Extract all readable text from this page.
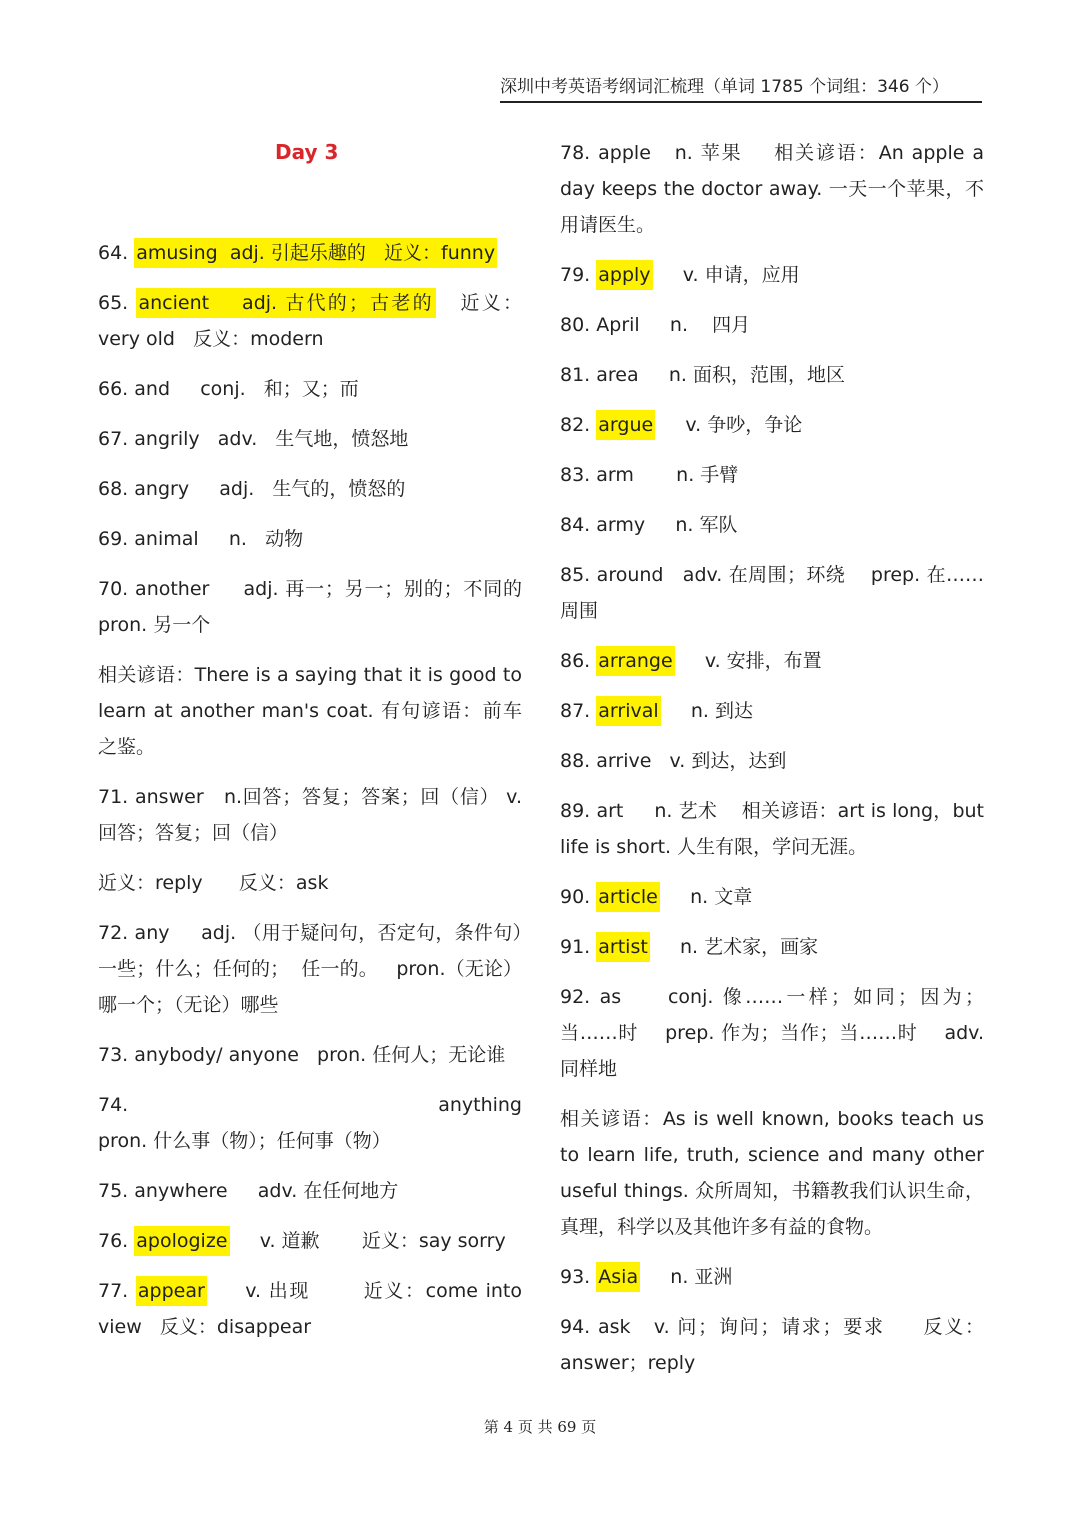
深圳中考英语考纲词汇梳理（单词 1785 个词组：346 个）
Day 3
64. amusing  adj. 引起乐趣的   近义：funny
65. ancient    adj. 古代的；古老的   近义：very old   反义：modern
66. and     conj.   和；又；而
67. angrily   adv.   生气地，愤怒地
68. angry     adj.   生气的，愤怒的
69. animal     n.   动物
70. another     adj. 再一；另一；别的；不同的   pron. 另一个
相关谚语：There is a saying that it is good to learn at another man's coat. 有句谚语：前车之鉴。
71. answer   n.回答；答复；答案；回（信） v. 回答；答复；回（信）
近义：reply      反义：ask
72. any     adj. （用于疑问句，否定句，条件句）一些；什么；任何的；  任一的。   pron.（无论）哪一个；（无论）哪些
73. anybody/ anyone   pron. 任何人；无论谁
74.	anything   pron. 什么事（物）；任何事（物）
75. anywhere     adv. 在任何地方
76. apologize     v. 道歉       近义：say sorry
77. appear     v. 出现       近义：come into view   反义：disappear
78. apple   n. 苹果    相关谚语：An apple a day keeps the doctor away. 一天一个苹果，不用请医生。
79. apply     v. 申请，应用
80. April     n.    四月
81. area     n. 面积，范围，地区
82. argue     v. 争吵，争论
83. arm       n. 手臂
84. army     n. 军队
85. around   adv. 在周围；环绕    prep. 在……周围
86. arrange     v. 安排，布置
87. arrival     n. 到达
88. arrive   v. 到达，达到
89. art     n. 艺术    相关谚语：art is long，but life is short. 人生有限，学问无涯。
90. article     n. 文章
91. artist     n. 艺术家，画家
92. as     conj. 像……一样；如同；因为；当……时    prep. 作为；当作；当……时    adv. 同样地
相关谚语：As is well known, books teach us to learn life, truth, science and many other useful things. 众所周知，书籍教我们认识生命，真理，科学以及其他许多有益的食物。
93. Asia     n. 亚洲
94. ask   v. 问；询问；请求；要求     反义：answer；reply
第 4 页 共 69 页
